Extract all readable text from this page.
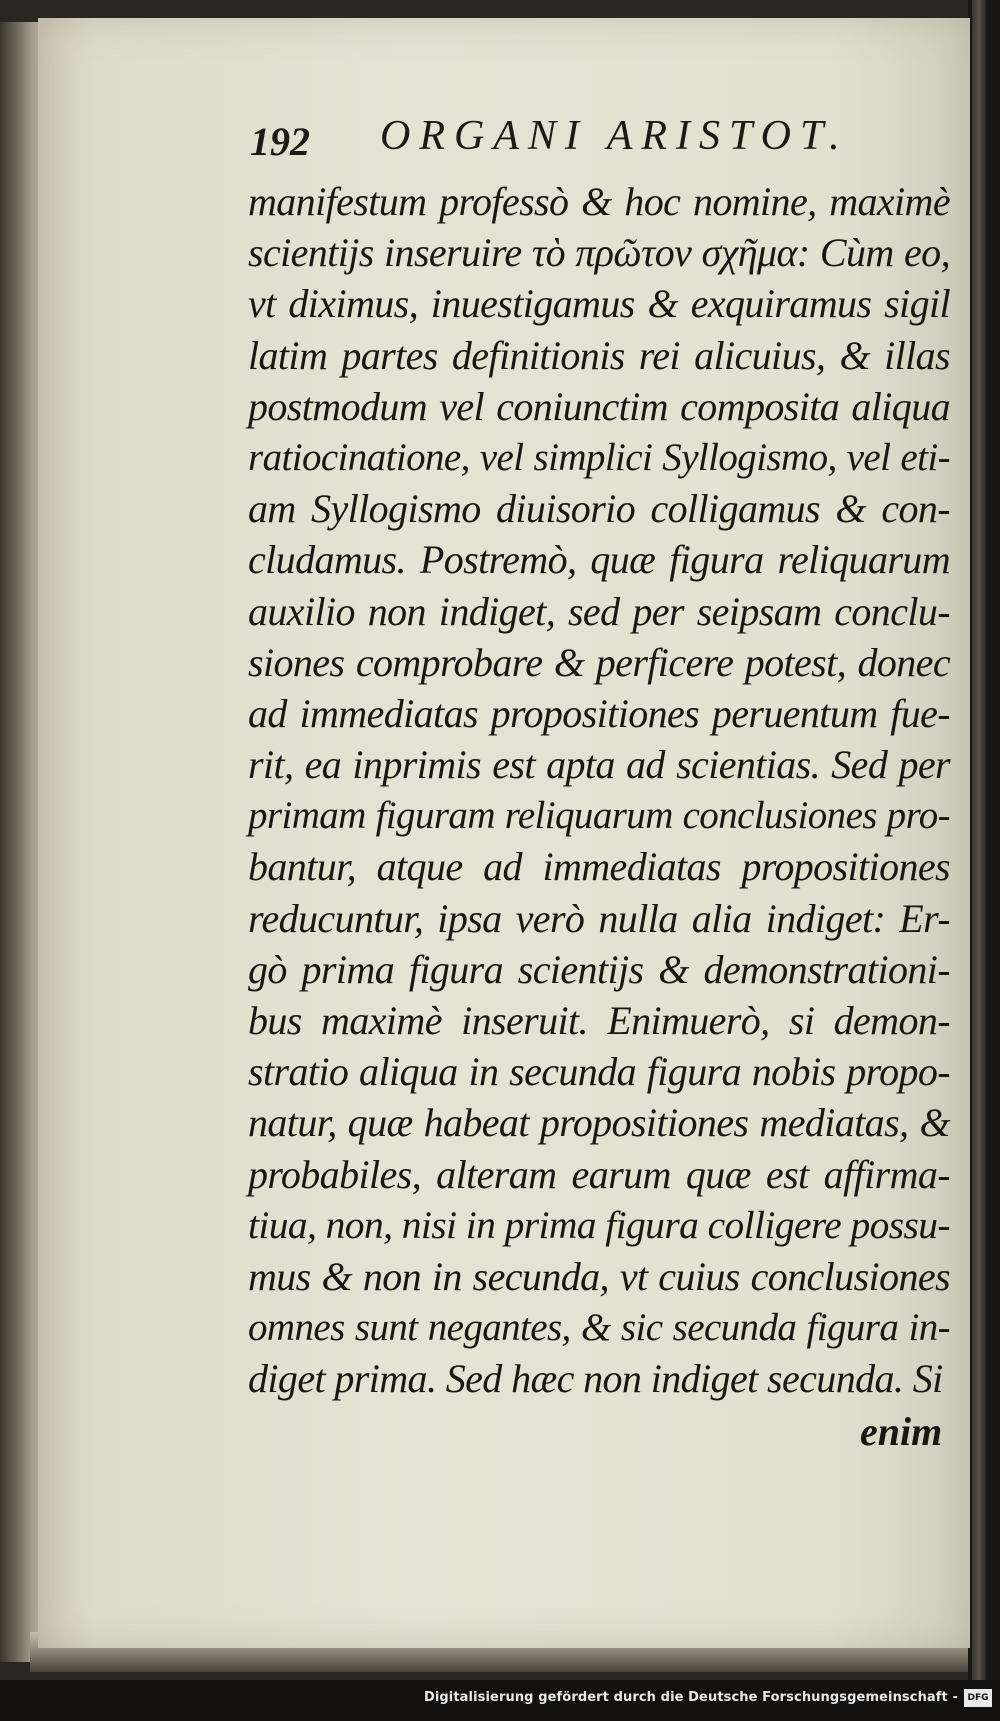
192 ORGANI ARISTOT.
manifestum professò & hoc nomine, maximè
scientijs inseruire τὸ πρῶτον σχῆμα: Cùm eo,
vt diximus, inuestigamus & exquiramus sigil
latim partes definitionis rei alicuius, & illas
postmodum vel coniunctim composita aliqua
ratiocinatione, vel simplici Syllogismo, vel eti-
am Syllogismo diuisorio colligamus & con-
cludamus. Postremò, quæ figura reliquarum
auxilio non indiget, sed per seipsam conclu-
siones comprobare & perficere potest, donec
ad immediatas propositiones peruentum fue-
rit, ea inprimis est apta ad scientias. Sed per
primam figuram reliquarum conclusiones pro-
bantur, atque ad immediatas propositiones
reducuntur, ipsa verò nulla alia indiget: Er-
gò prima figura scientijs & demonstrationi-
bus maximè inseruit. Enimuerò, si demon-
stratio aliqua in secunda figura nobis propo-
natur, quæ habeat propositiones mediatas, &
probabiles, alteram earum quæ est affirma-
tiua, non, nisi in prima figura colligere possu-
mus & non in secunda, vt cuius conclusiones
omnes sunt negantes, & sic secunda figura in-
diget prima. Sed hæc non indiget secunda. Si
enim
Digitalisierung gefördert durch die Deutsche Forschungsgemeinschaft -	DFG
